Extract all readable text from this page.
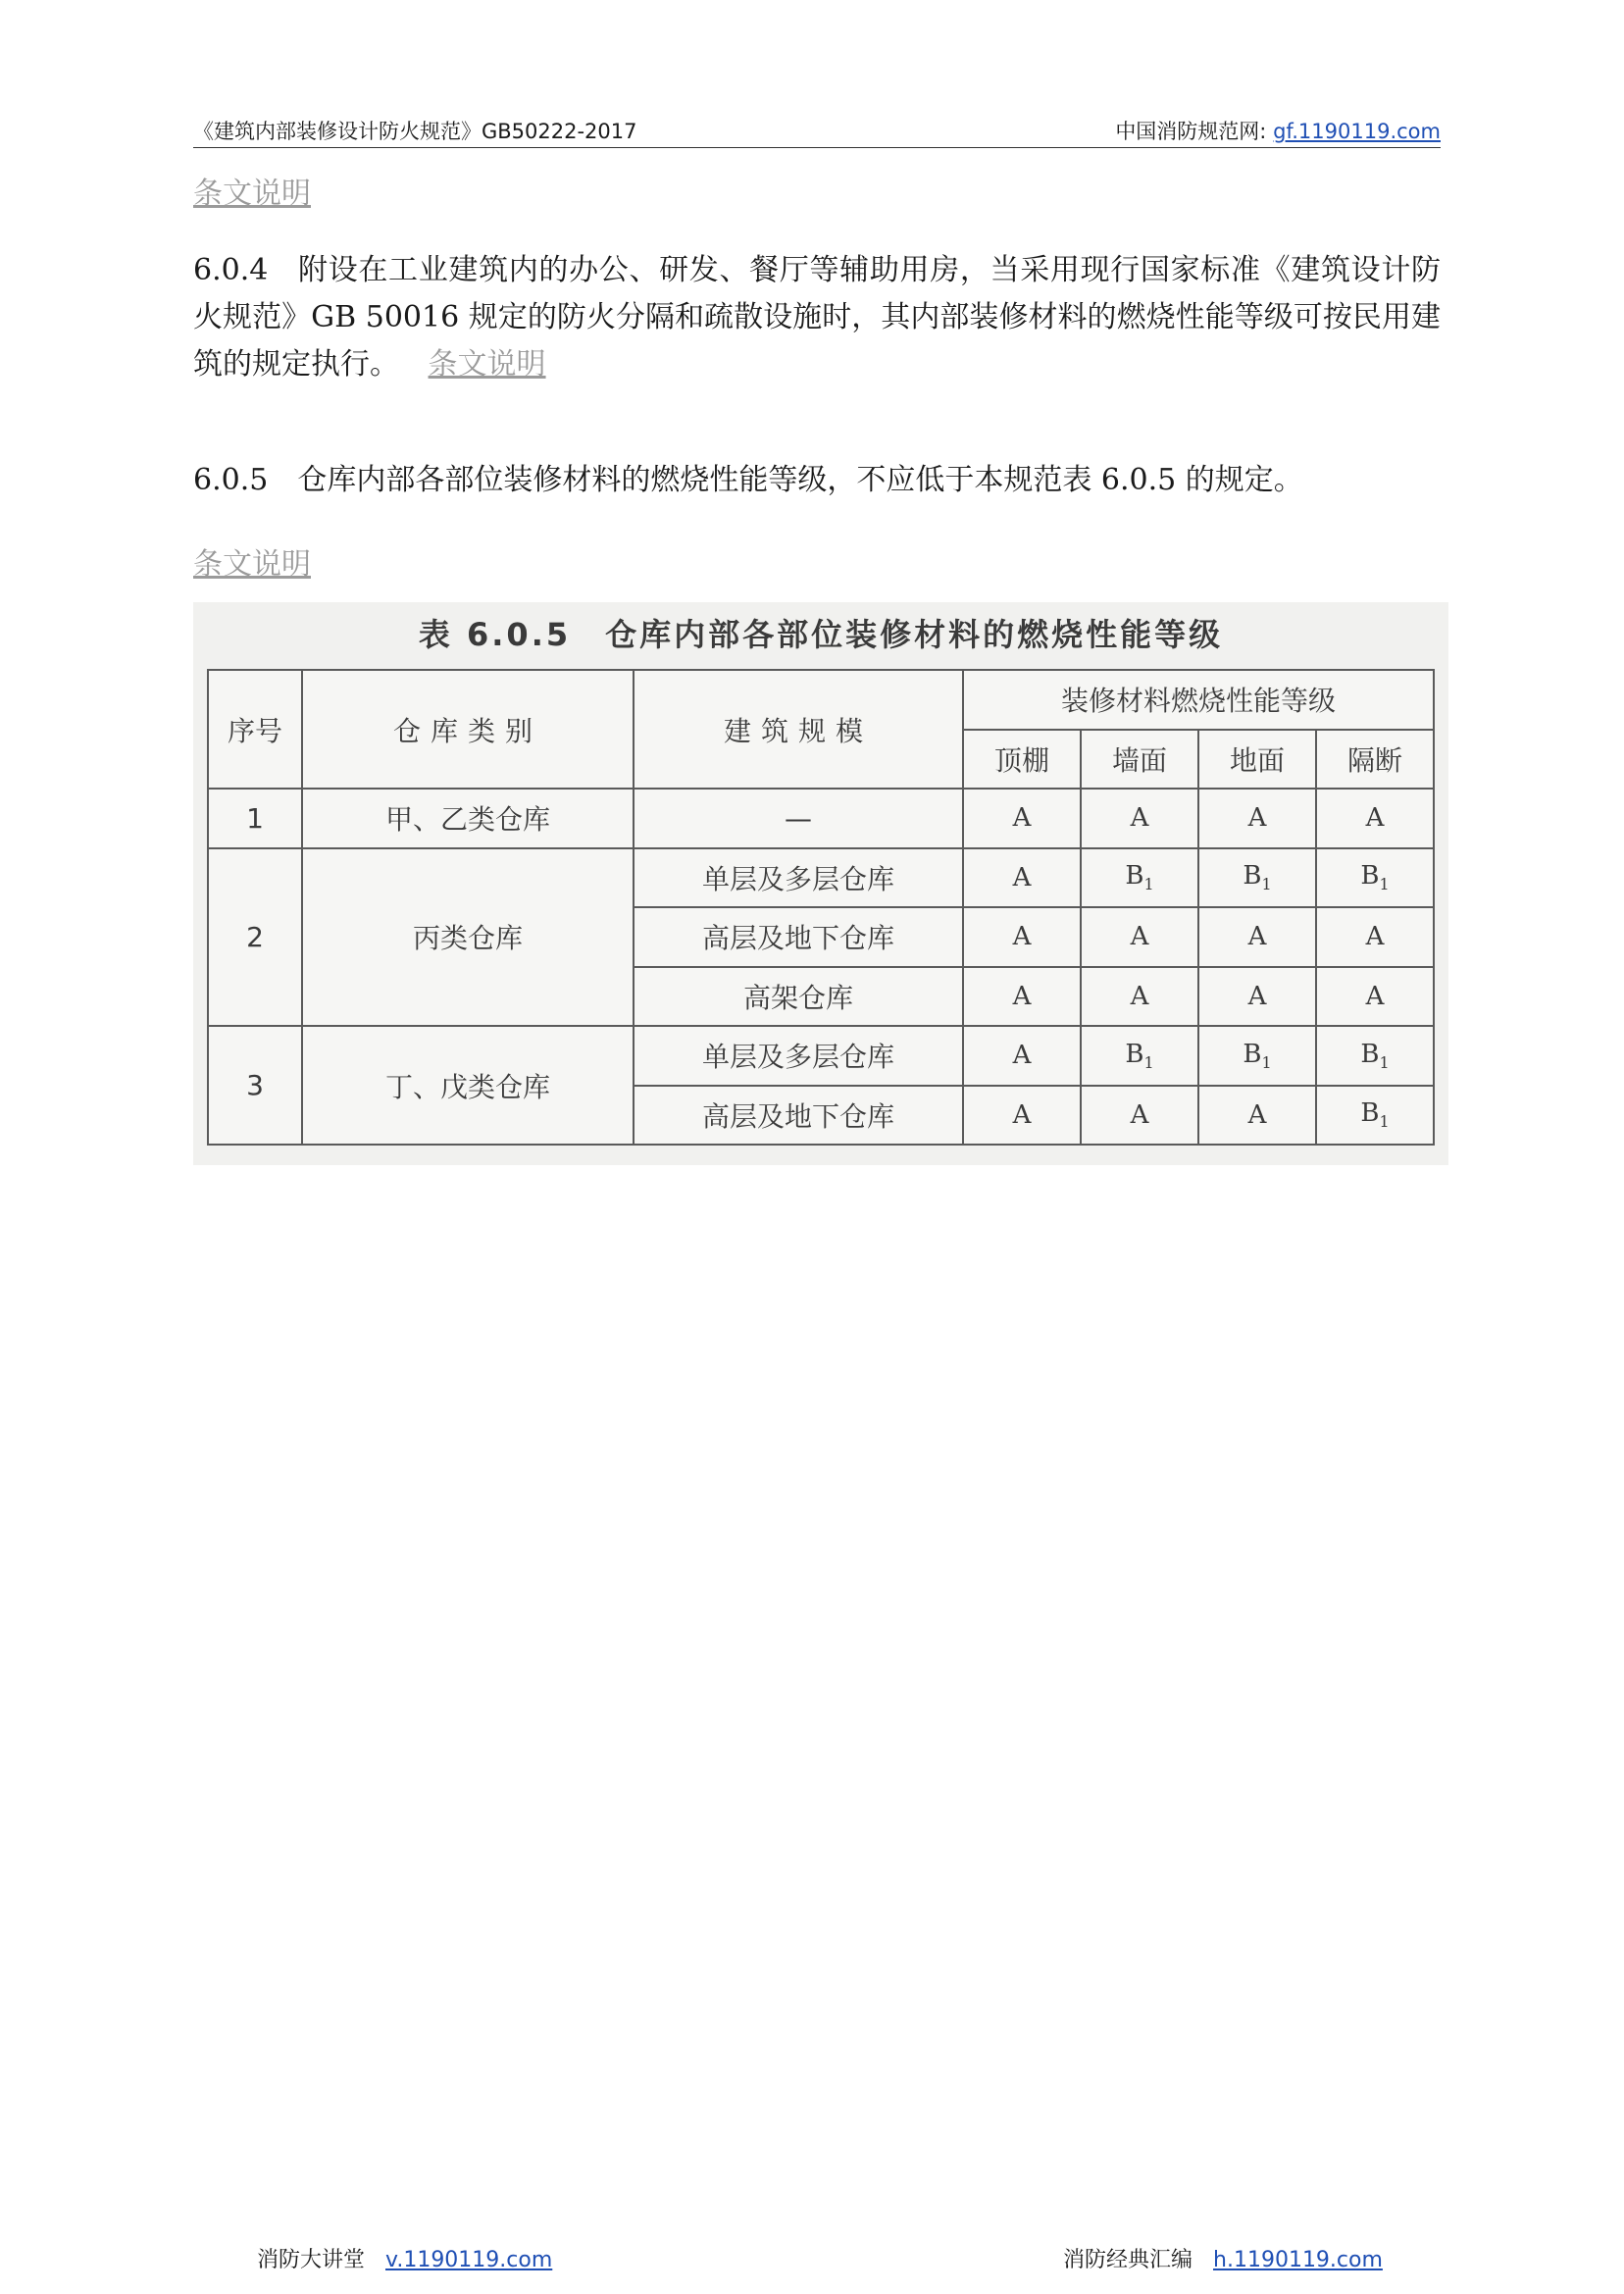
《建筑内部装修设计防火规范》GB50222-2017	中国消防规范网: gf.1190119.com
条文说明
6.0.4 附设在工业建筑内的办公、研发、餐厅等辅助用房，当采用现行国家标准《建筑设计防火规范》GB 50016 规定的防火分隔和疏散设施时，其内部装修材料的燃烧性能等级可按民用建筑的规定执行。 条文说明
6.0.5 仓库内部各部位装修材料的燃烧性能等级，不应低于本规范表 6.0.5 的规定。
条文说明
表 6.0.5　仓库内部各部位装修材料的燃烧性能等级
序号	仓库类别	建筑规模	装修材料燃烧性能等级			
			顶棚	墙面	地面	隔断
1	甲、乙类仓库	—	A	A	A	A
2	丙类仓库	单层及多层仓库	A	$B_1$	$B_1$	$B_1$
		高层及地下仓库	A	A	A	A
		高架仓库	A	A	A	A
3	丁、戊类仓库	单层及多层仓库	A	$B_1$	$B_1$	$B_1$
		高层及地下仓库	A	A	A	$B_1$
消防大讲堂 v.1190119.com	消防经典汇编 h.1190119.com
